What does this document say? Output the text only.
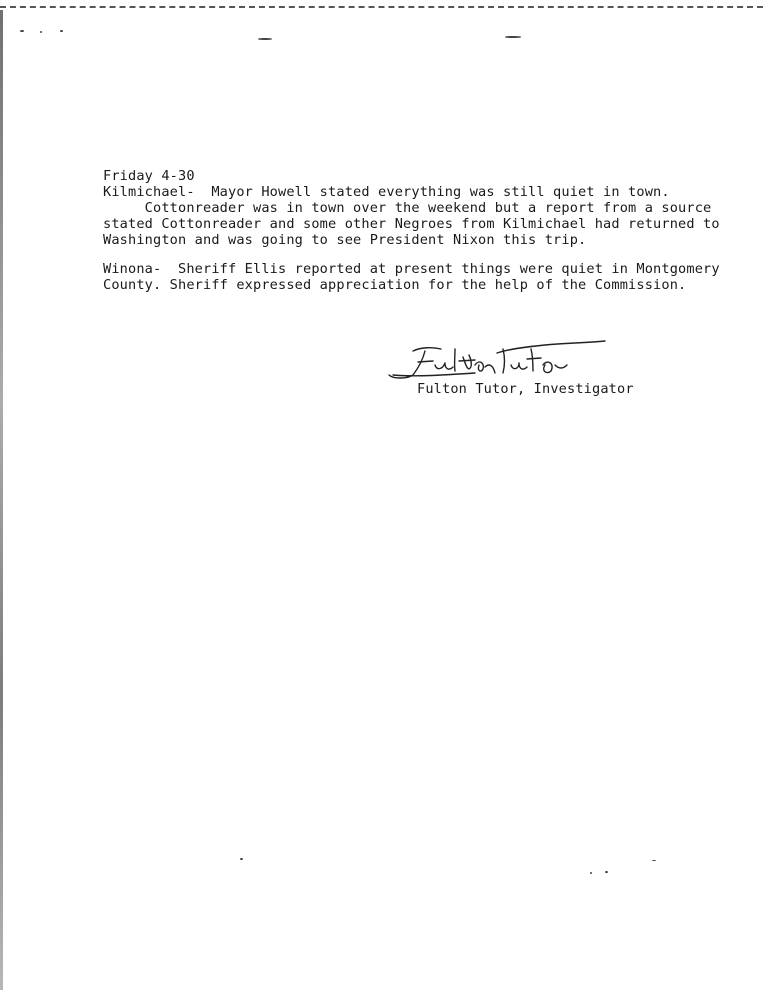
Friday 4-30
Kilmichael-  Mayor Howell stated everything was still quiet in town.
Cottonreader was in town over the weekend but a report from a source
stated Cottonreader and some other Negroes from Kilmichael had returned to
Washington and was going to see President Nixon this trip.
Winona-  Sheriff Ellis reported at present things were quiet in Montgomery
County. Sheriff expressed appreciation for the help of the Commission.
Fulton Tutor, Investigator
